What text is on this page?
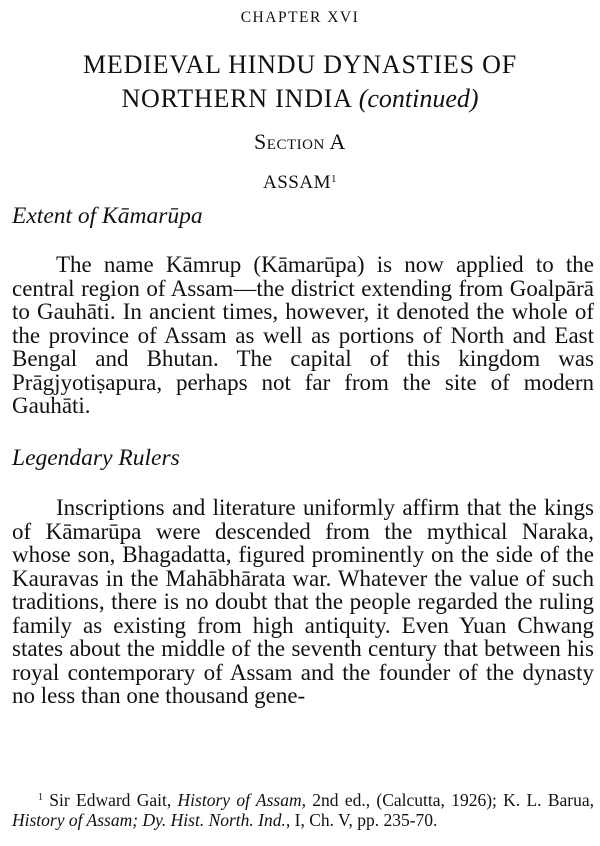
CHAPTER XVI

MEDIEVAL HINDU DYNASTIES OF
NORTHERN INDIA (continued)

Section A

ASSAM$^1$

Extent of Kāmarūpa

The name Kāmrup (Kāmarūpa) is now applied to the central region of Assam—the district extending from Goalpārā to Gauhāti. In ancient times, however, it denoted the whole of the province of Assam as well as portions of North and East Bengal and Bhutan. The capital of this kingdom was Prāgjyotiṣapura, perhaps not far from the site of modern Gauhāti.

Legendary Rulers

Inscriptions and literature uniformly affirm that the kings of Kāmarūpa were descended from the mythical Naraka, whose son, Bhagadatta, figured prominently on the side of the Kauravas in the Mahābhārata war. Whatever the value of such traditions, there is no doubt that the people regarded the ruling family as existing from high antiquity. Even Yuan Chwang states about the middle of the seventh century that between his royal contemporary of Assam and the founder of the dynasty no less than one thousand gene-

$^1$ Sir Edward Gait, History of Assam, 2nd ed., (Calcutta, 1926); K. L. Barua, History of Assam; Dy. Hist. North. Ind., I, Ch. V, pp. 235-70.
